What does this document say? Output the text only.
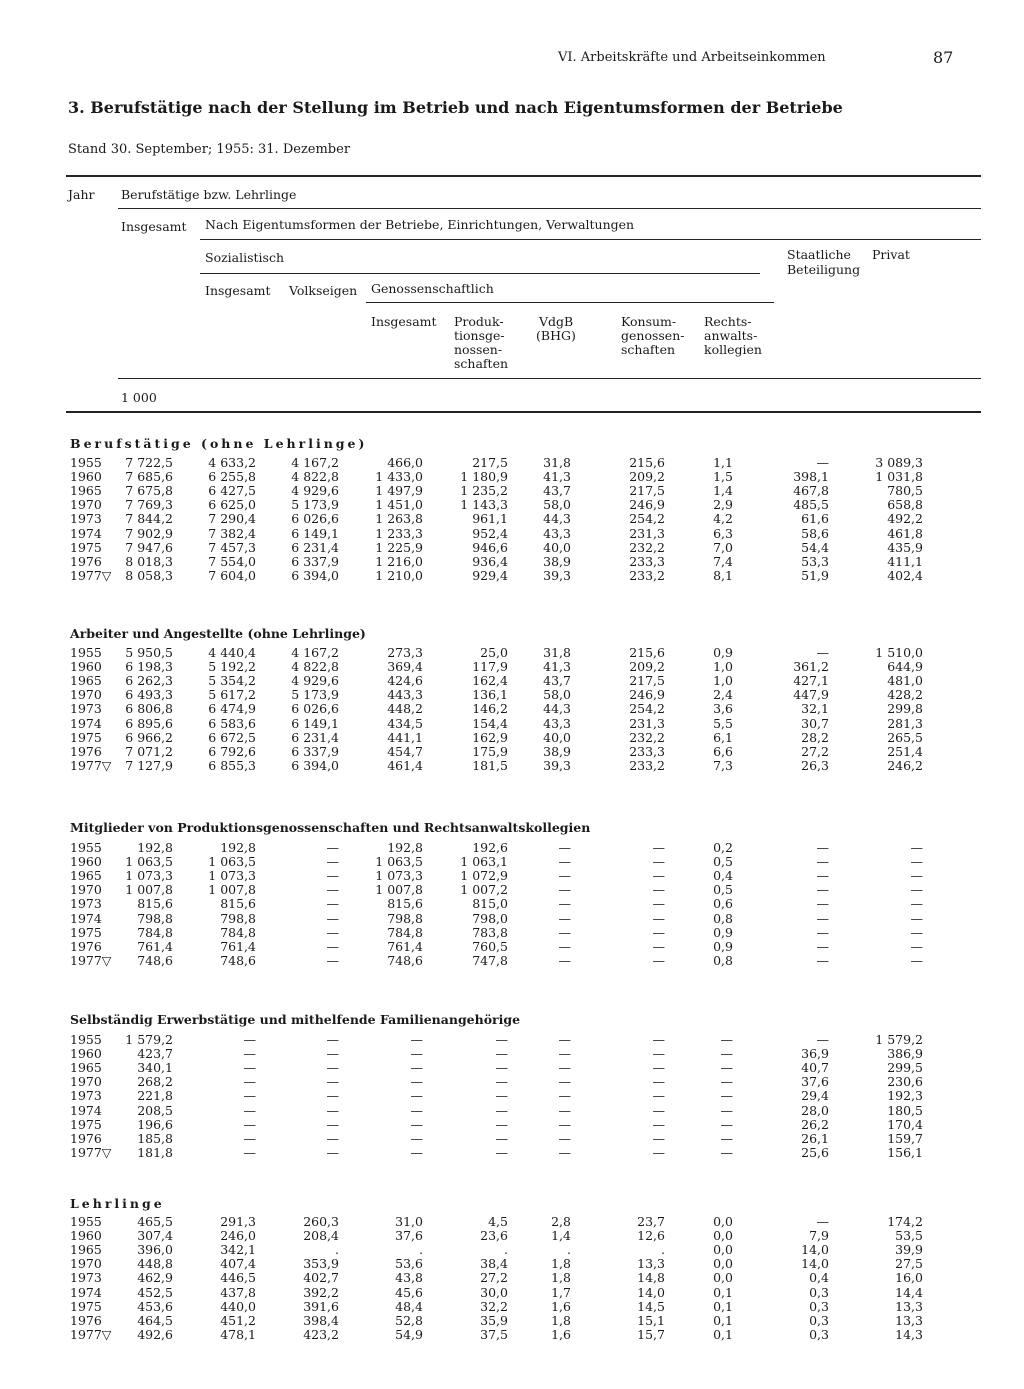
VI. Arbeitskräfte und Arbeitseinkommen	87
3. Berufstätige nach der Stellung im Betrieb und nach Eigentumsformen der Betriebe
Stand 30. September; 1955: 31. Dezember
Jahr Berufstätige bzw. Lehrlinge
Insgesamt Nach Eigentumsformen der Betriebe, Einrichtungen, Verwaltungen
Sozialistisch	Staatliche
Beteiligung
Privat
Insgesamt Volkseigen Genossenschaftlich
Insgesamt Produk-
tionsge-
nossen-
schaften
VdgB
(BHG)
Konsum-
genossen-
schaften
Rechts-
anwalts-
kollegien
1 000
Berufstätige (ohne Lehrlinge)
Arbeiter und Angestellte (ohne Lehrlinge)
Mitglieder von Produktionsgenossenschaften und Rechtsanwaltskollegien
Selbständig Erwerbstätige und mithelfende Familienangehörige
Lehrlinge
1955	7 722,5	4 633,2	4 167,2	466,0	217,5	31,8	215,6	1,1	—	3 089,3
1960	7 685,6	6 255,8	4 822,8	1 433,0	1 180,9	41,3	209,2	1,5	398,1	1 031,8
1965	7 675,8	6 427,5	4 929,6	1 497,9	1 235,2	43,7	217,5	1,4	467,8	780,5
1970	7 769,3	6 625,0	5 173,9	1 451,0	1 143,3	58,0	246,9	2,9	485,5	658,8
1973	7 844,2	7 290,4	6 026,6	1 263,8	961,1	44,3	254,2	4,2	61,6	492,2
1974	7 902,9	7 382,4	6 149,1	1 233,3	952,4	43,3	231,3	6,3	58,6	461,8
1975	7 947,6	7 457,3	6 231,4	1 225,9	946,6	40,0	232,2	7,0	54,4	435,9
1976	8 018,3	7 554,0	6 337,9	1 216,0	936,4	38,9	233,3	7,4	53,3	411,1
1977▽	8 058,3	7 604,0	6 394,0	1 210,0	929,4	39,3	233,2	8,1	51,9	402,4
1955	5 950,5	4 440,4	4 167,2	273,3	25,0	31,8	215,6	0,9	—	1 510,0
1960	6 198,3	5 192,2	4 822,8	369,4	117,9	41,3	209,2	1,0	361,2	644,9
1965	6 262,3	5 354,2	4 929,6	424,6	162,4	43,7	217,5	1,0	427,1	481,0
1970	6 493,3	5 617,2	5 173,9	443,3	136,1	58,0	246,9	2,4	447,9	428,2
1973	6 806,8	6 474,9	6 026,6	448,2	146,2	44,3	254,2	3,6	32,1	299,8
1974	6 895,6	6 583,6	6 149,1	434,5	154,4	43,3	231,3	5,5	30,7	281,3
1975	6 966,2	6 672,5	6 231,4	441,1	162,9	40,0	232,2	6,1	28,2	265,5
1976	7 071,2	6 792,6	6 337,9	454,7	175,9	38,9	233,3	6,6	27,2	251,4
1977▽	7 127,9	6 855,3	6 394,0	461,4	181,5	39,3	233,2	7,3	26,3	246,2
1955	192,8	192,8	—	192,8	192,6	—	—	0,2	—	—
1960	1 063,5	1 063,5	—	1 063,5	1 063,1	—	—	0,5	—	—
1965	1 073,3	1 073,3	—	1 073,3	1 072,9	—	—	0,4	—	—
1970	1 007,8	1 007,8	—	1 007,8	1 007,2	—	—	0,5	—	—
1973	815,6	815,6	—	815,6	815,0	—	—	0,6	—	—
1974	798,8	798,8	—	798,8	798,0	—	—	0,8	—	—
1975	784,8	784,8	—	784,8	783,8	—	—	0,9	—	—
1976	761,4	761,4	—	761,4	760,5	—	—	0,9	—	—
1977▽	748,6	748,6	—	748,6	747,8	—	—	0,8	—	—
1955	1 579,2	—	—	—	—	—	—	—	—	1 579,2
1960	423,7	—	—	—	—	—	—	—	36,9	386,9
1965	340,1	—	—	—	—	—	—	—	40,7	299,5
1970	268,2	—	—	—	—	—	—	—	37,6	230,6
1973	221,8	—	—	—	—	—	—	—	29,4	192,3
1974	208,5	—	—	—	—	—	—	—	28,0	180,5
1975	196,6	—	—	—	—	—	—	—	26,2	170,4
1976	185,8	—	—	—	—	—	—	—	26,1	159,7
1977▽	181,8	—	—	—	—	—	—	—	25,6	156,1
1955	465,5	291,3	260,3	31,0	4,5	2,8	23,7	0,0	—	174,2
1960	307,4	246,0	208,4	37,6	23,6	1,4	12,6	0,0	7,9	53,5
1965	396,0	342,1	.	.	.	.	.	0,0	14,0	39,9
1970	448,8	407,4	353,9	53,6	38,4	1,8	13,3	0,0	14,0	27,5
1973	462,9	446,5	402,7	43,8	27,2	1,8	14,8	0,0	0,4	16,0
1974	452,5	437,8	392,2	45,6	30,0	1,7	14,0	0,1	0,3	14,4
1975	453,6	440,0	391,6	48,4	32,2	1,6	14,5	0,1	0,3	13,3
1976	464,5	451,2	398,4	52,8	35,9	1,8	15,1	0,1	0,3	13,3
1977▽	492,6	478,1	423,2	54,9	37,5	1,6	15,7	0,1	0,3	14,3
